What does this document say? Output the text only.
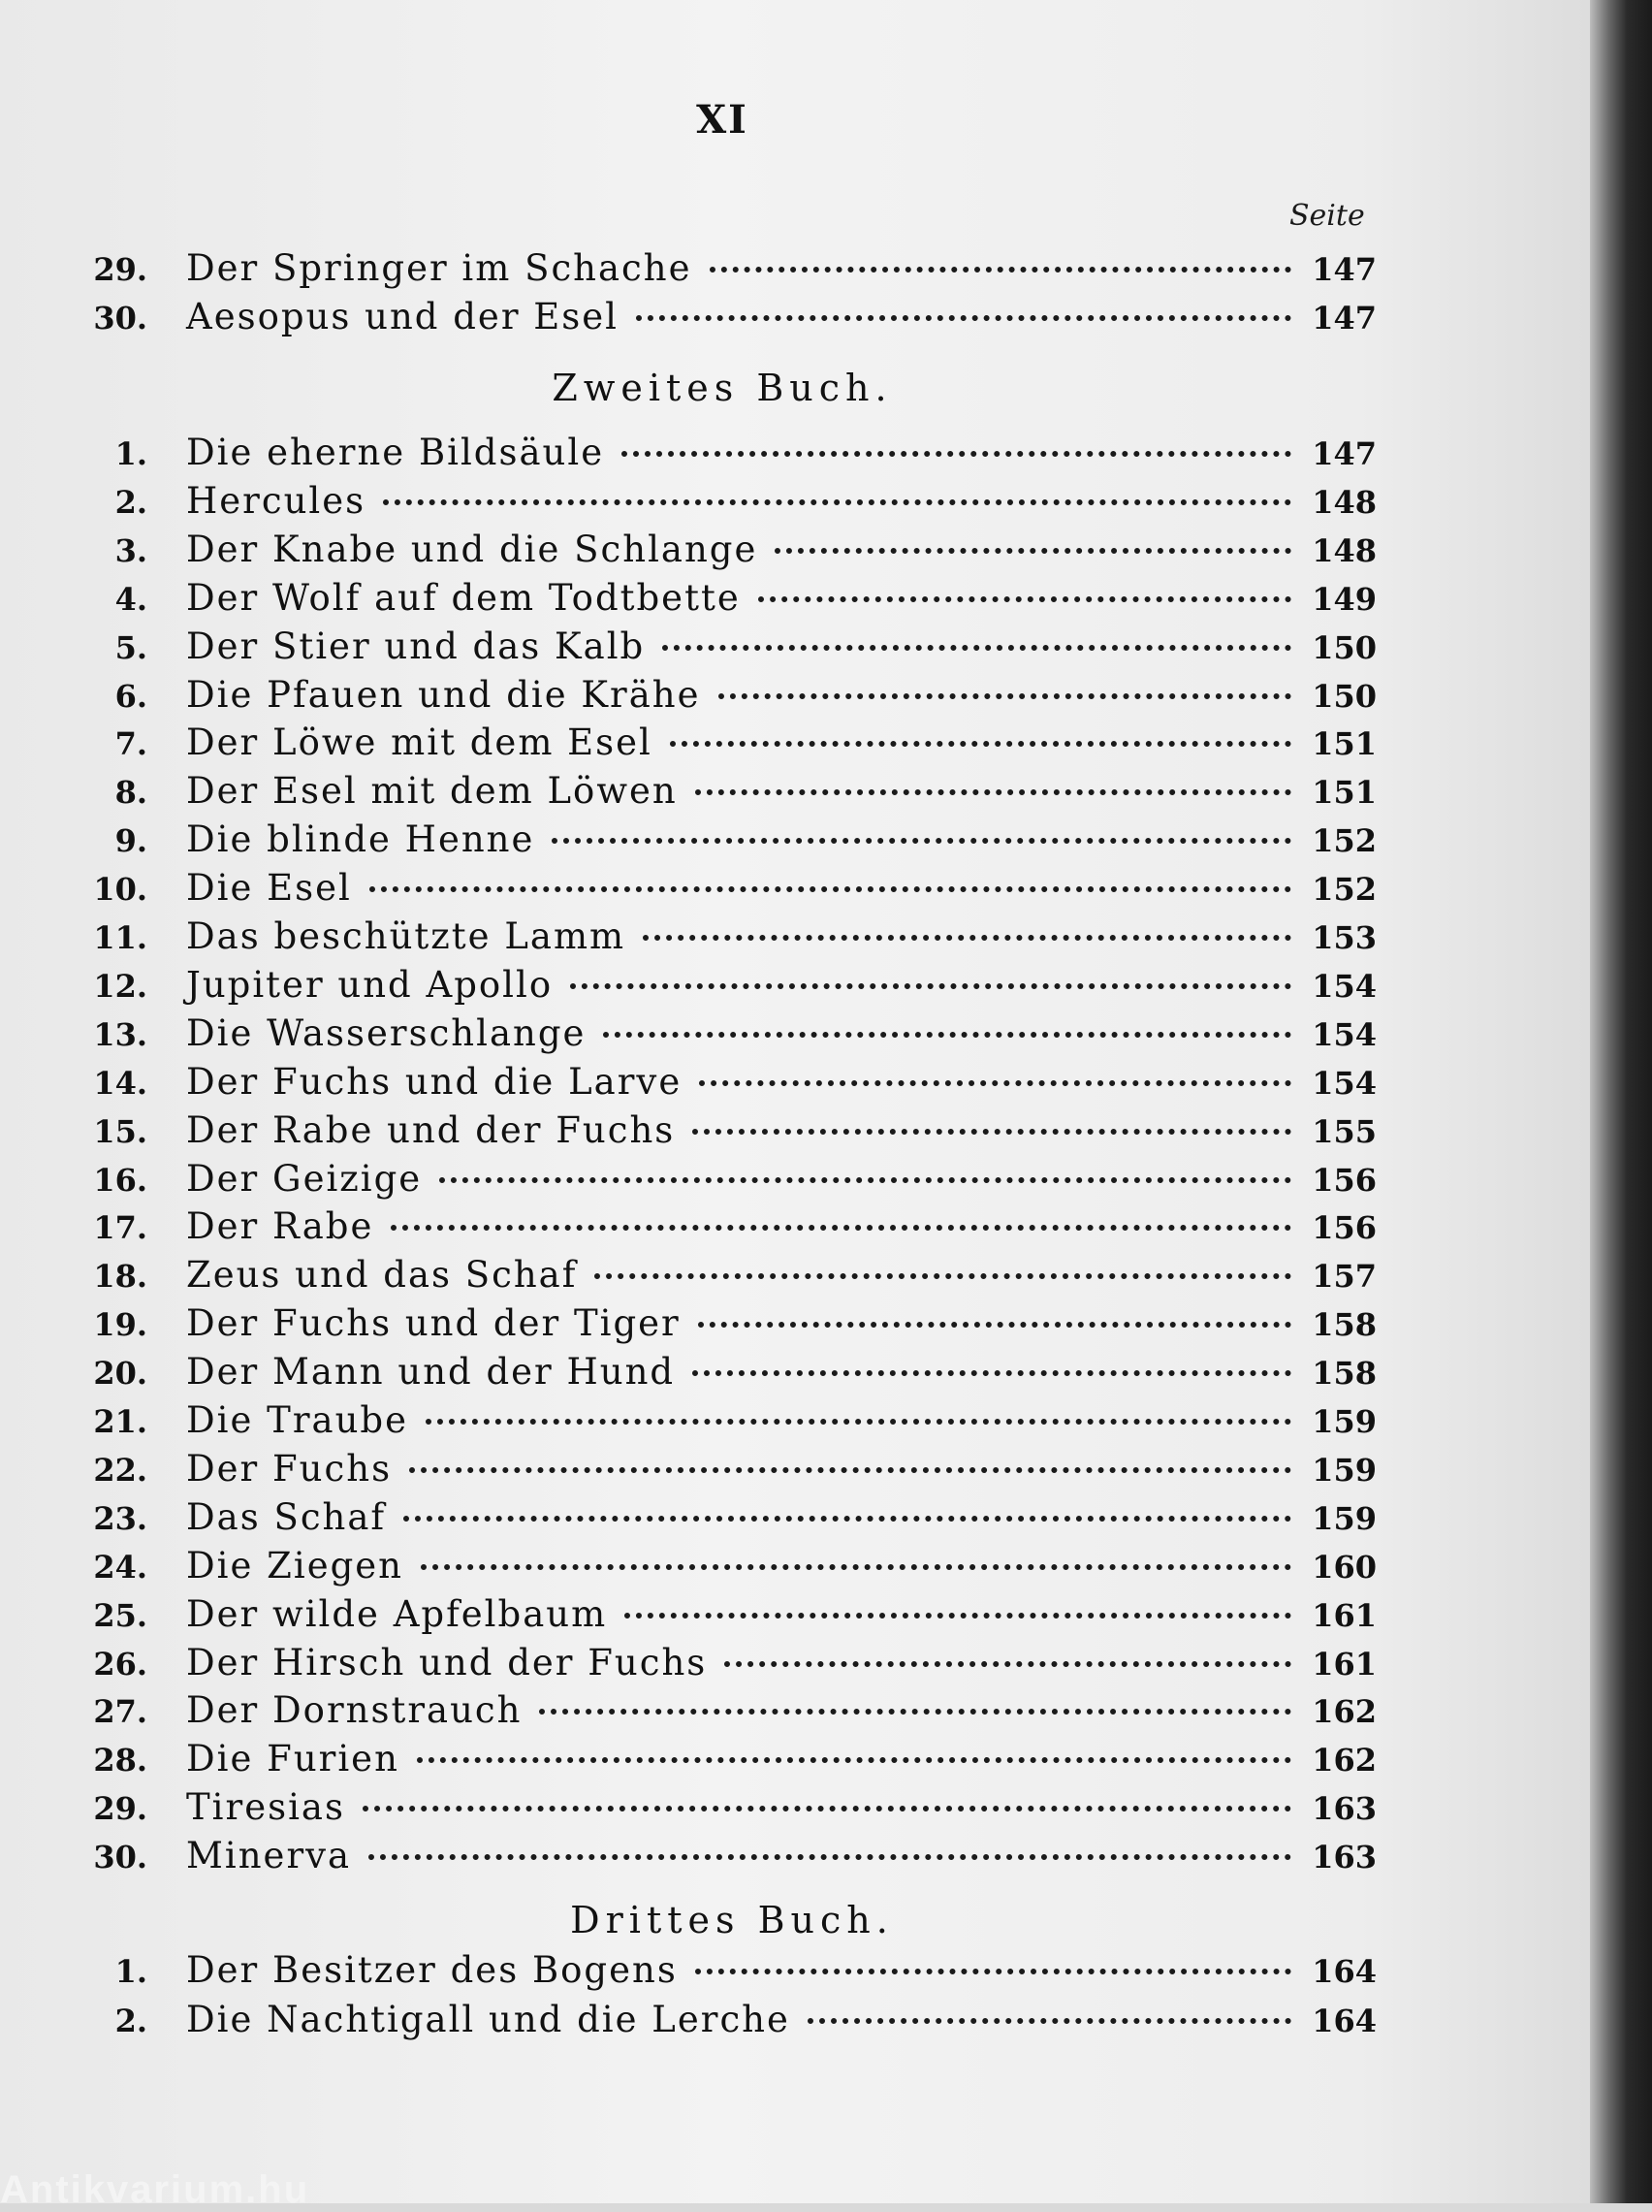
XI
Seite
29. Der Springer im Schache	147
30. Aesopus und der Esel	147
1. Die eherne Bildsäule	147
2. Hercules	148
3. Der Knabe und die Schlange	148
4. Der Wolf auf dem Todtbette	149
5. Der Stier und das Kalb	150
6. Die Pfauen und die Krähe	150
7. Der Löwe mit dem Esel	151
8. Der Esel mit dem Löwen	151
9. Die blinde Henne	152
10. Die Esel	152
11. Das beschützte Lamm	153
12. Jupiter und Apollo	154
13. Die Wasserschlange	154
14. Der Fuchs und die Larve	154
15. Der Rabe und der Fuchs	155
16. Der Geizige	156
17. Der Rabe	156
18. Zeus und das Schaf	157
19. Der Fuchs und der Tiger	158
20. Der Mann und der Hund	158
21. Die Traube	159
22. Der Fuchs	159
23. Das Schaf	159
24. Die Ziegen	160
25. Der wilde Apfelbaum	161
26. Der Hirsch und der Fuchs	161
27. Der Dornstrauch	162
28. Die Furien	162
29. Tiresias	163
30. Minerva	163
1. Der Besitzer des Bogens	164
2. Die Nachtigall und die Lerche	164
Zweites Buch.
Drittes Buch.
Antikvarium.hu
